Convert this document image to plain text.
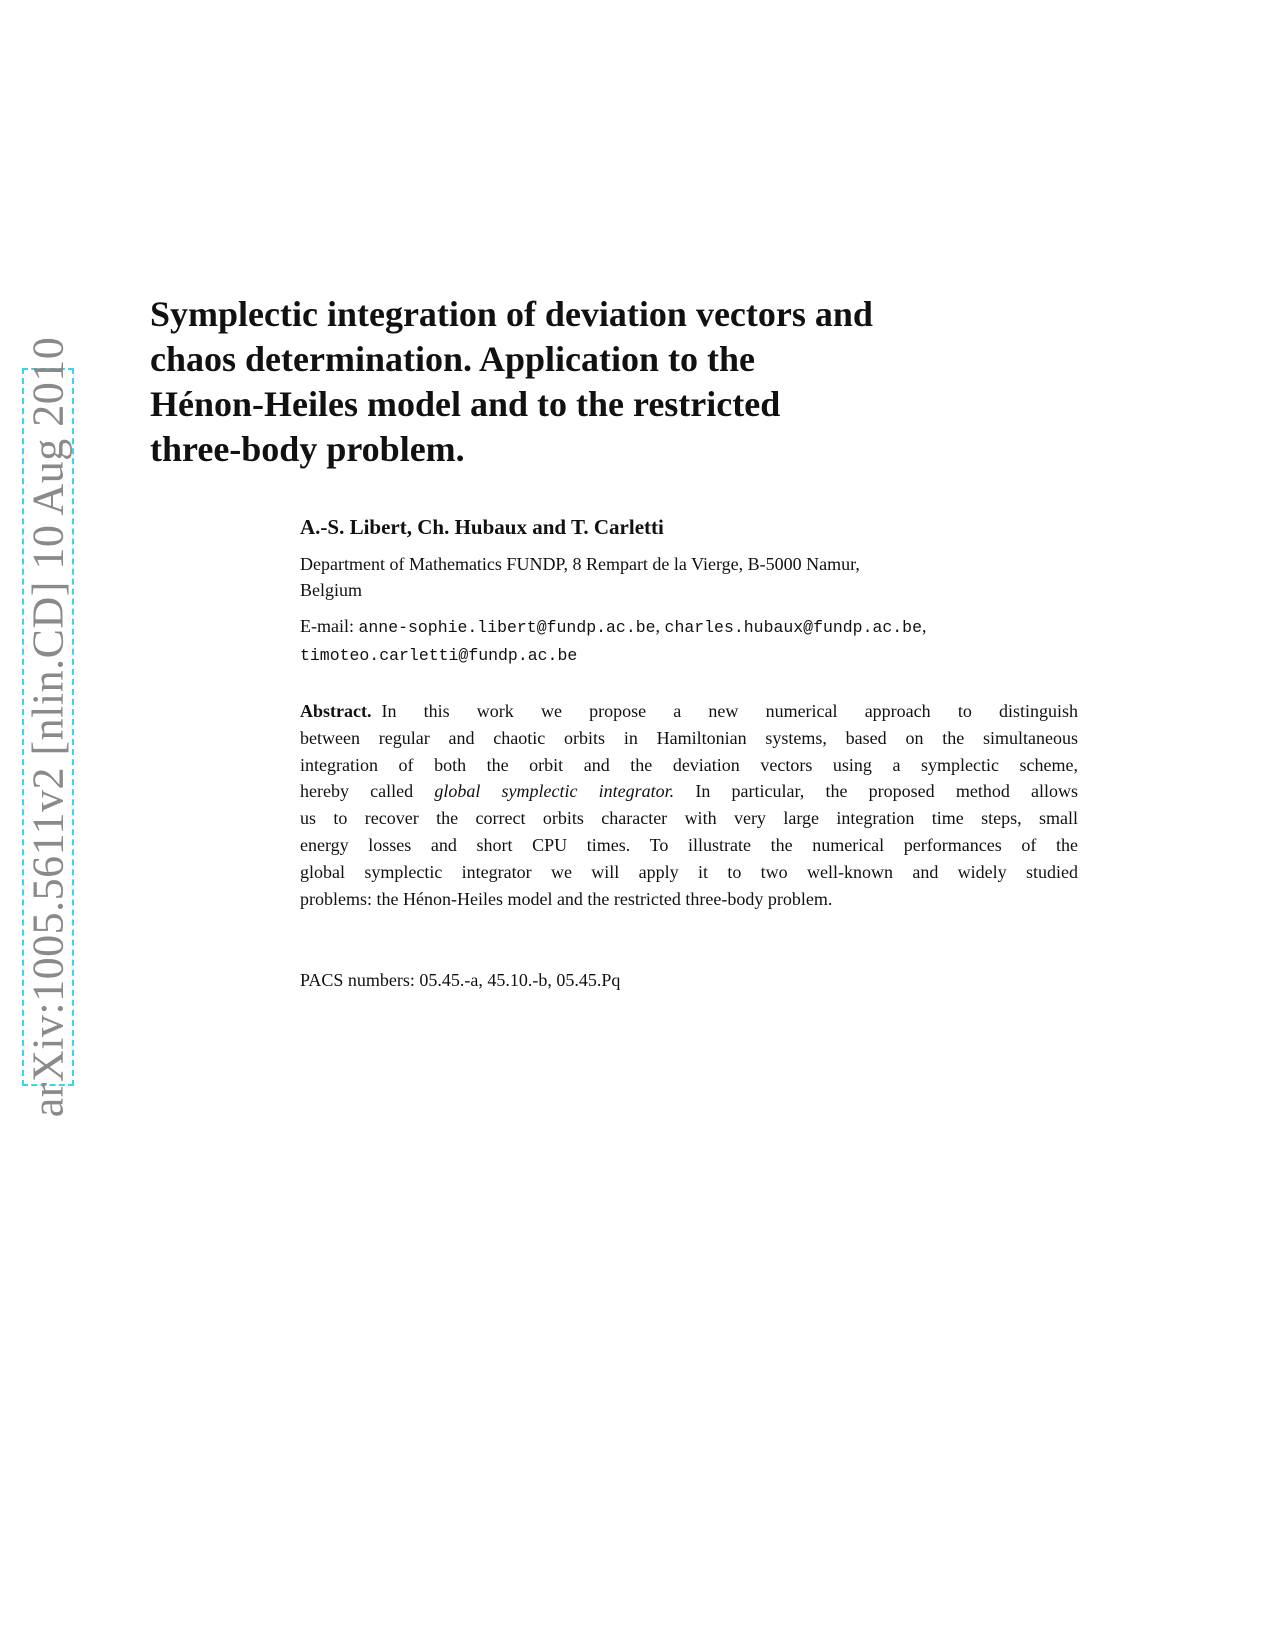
arXiv:1005.5611v2 [nlin.CD] 10 Aug 2010
Symplectic integration of deviation vectors and
chaos determination. Application to the
Hénon-Heiles model and to the restricted
three-body problem.
A.-S. Libert, Ch. Hubaux and T. Carletti
Department of Mathematics FUNDP, 8 Rempart de la Vierge, B-5000 Namur,
Belgium
E-mail: anne-sophie.libert@fundp.ac.be, charles.hubaux@fundp.ac.be,
timoteo.carletti@fundp.ac.be
Abstract. In this work we propose a new numerical approach to distinguish
between regular and chaotic orbits in Hamiltonian systems, based on the simultaneous
integration of both the orbit and the deviation vectors using a symplectic scheme,
hereby called global symplectic integrator. In particular, the proposed method allows
us to recover the correct orbits character with very large integration time steps, small
energy losses and short CPU times. To illustrate the numerical performances of the
global symplectic integrator we will apply it to two well-known and widely studied
problems: the Hénon-Heiles model and the restricted three-body problem.
PACS numbers: 05.45.-a, 45.10.-b, 05.45.Pq
